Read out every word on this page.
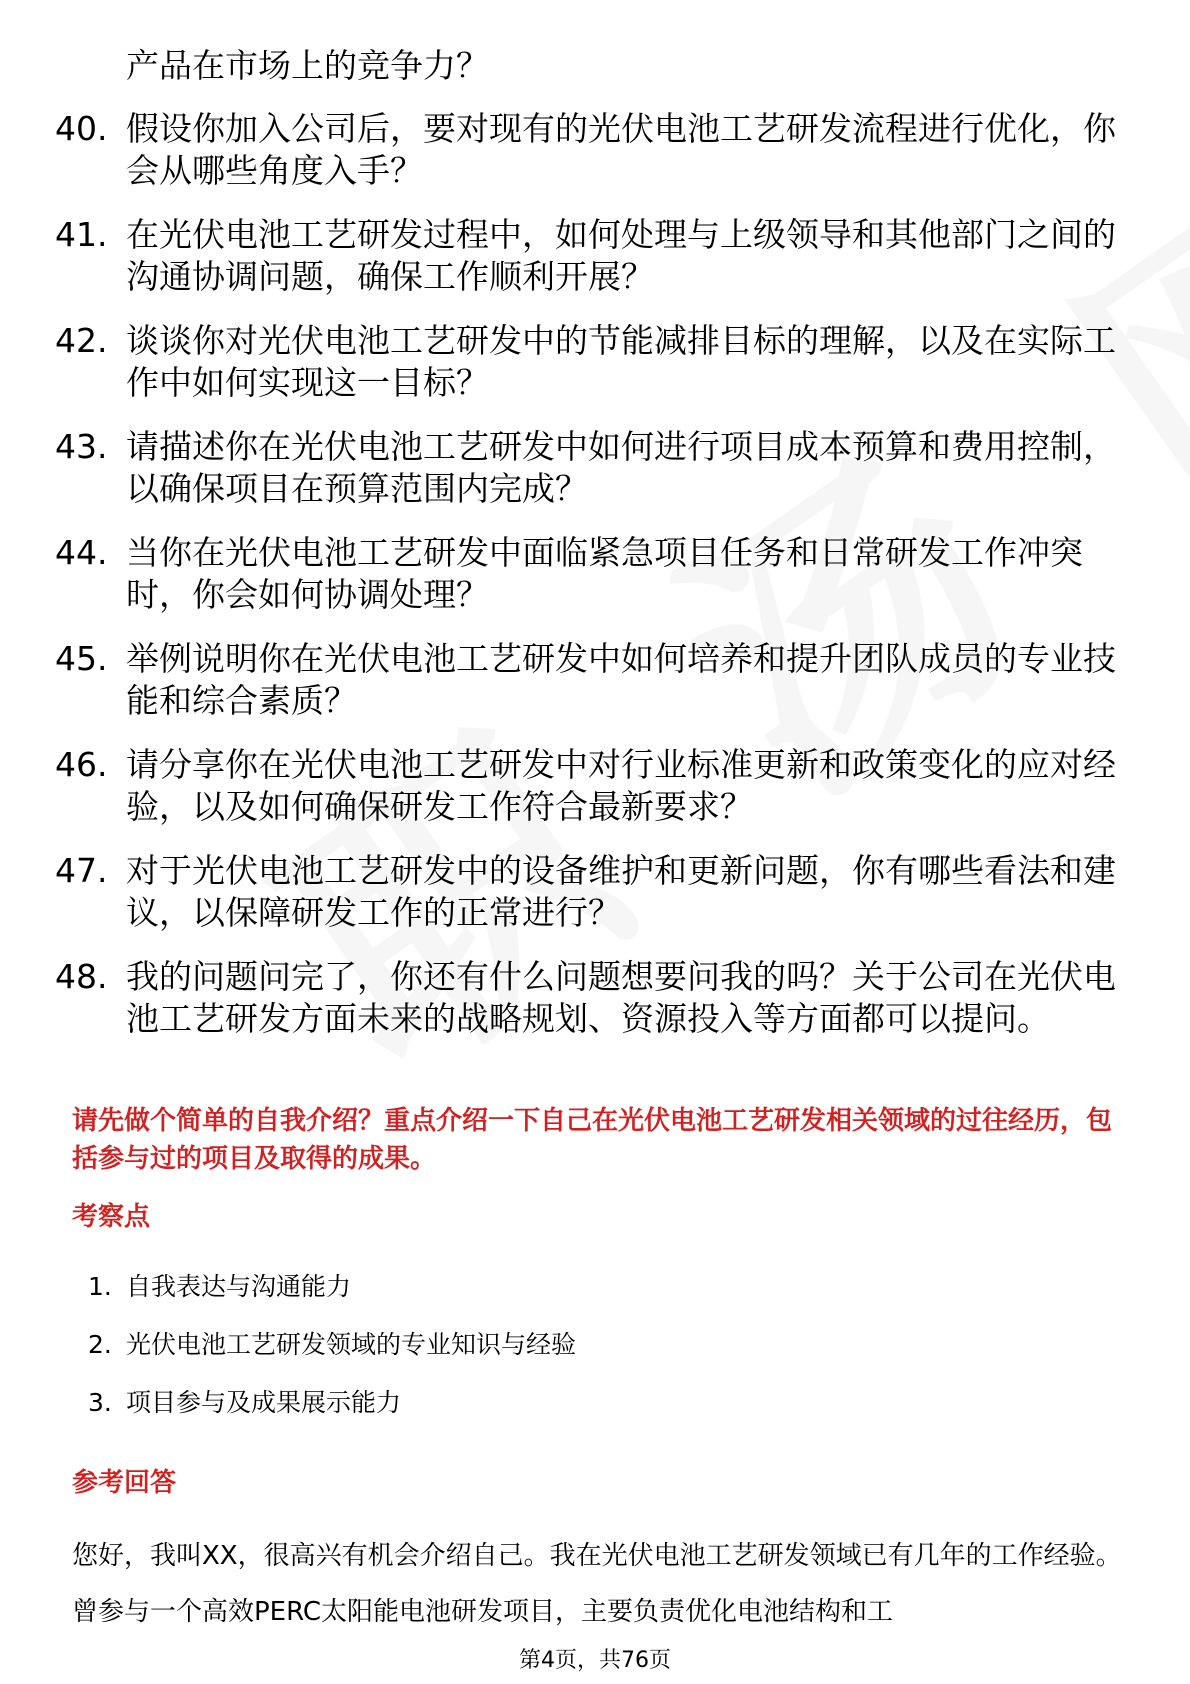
产品在市场上的竞争力？
40. 假设你加入公司后，要对现有的光伏电池工艺研发流程进行优化，你会从哪些角度入手？
41. 在光伏电池工艺研发过程中，如何处理与上级领导和其他部门之间的沟通协调问题，确保工作顺利开展？
42. 谈谈你对光伏电池工艺研发中的节能减排目标的理解，以及在实际工作中如何实现这一目标？
43. 请描述你在光伏电池工艺研发中如何进行项目成本预算和费用控制，以确保项目在预算范围内完成？
44. 当你在光伏电池工艺研发中面临紧急项目任务和日常研发工作冲突时，你会如何协调处理？
45. 举例说明你在光伏电池工艺研发中如何培养和提升团队成员的专业技能和综合素质？
46. 请分享你在光伏电池工艺研发中对行业标准更新和政策变化的应对经验，以及如何确保研发工作符合最新要求？
47. 对于光伏电池工艺研发中的设备维护和更新问题，你有哪些看法和建议，以保障研发工作的正常进行？
48. 我的问题问完了，你还有什么问题想要问我的吗？关于公司在光伏电池工艺研发方面未来的战略规划、资源投入等方面都可以提问。
请先做个简单的自我介绍？重点介绍一下自己在光伏电池工艺研发相关领域的过往经历，包括参与过的项目及取得的成果。
考察点
1. 自我表达与沟通能力
2. 光伏电池工艺研发领域的专业知识与经验
3. 项目参与及成果展示能力
参考回答
您好，我叫XX，很高兴有机会介绍自己。我在光伏电池工艺研发领域已有几年的工作经验。曾参与一个高效PERC太阳能电池研发项目，主要负责优化电池结构和工
第4页，共76页
